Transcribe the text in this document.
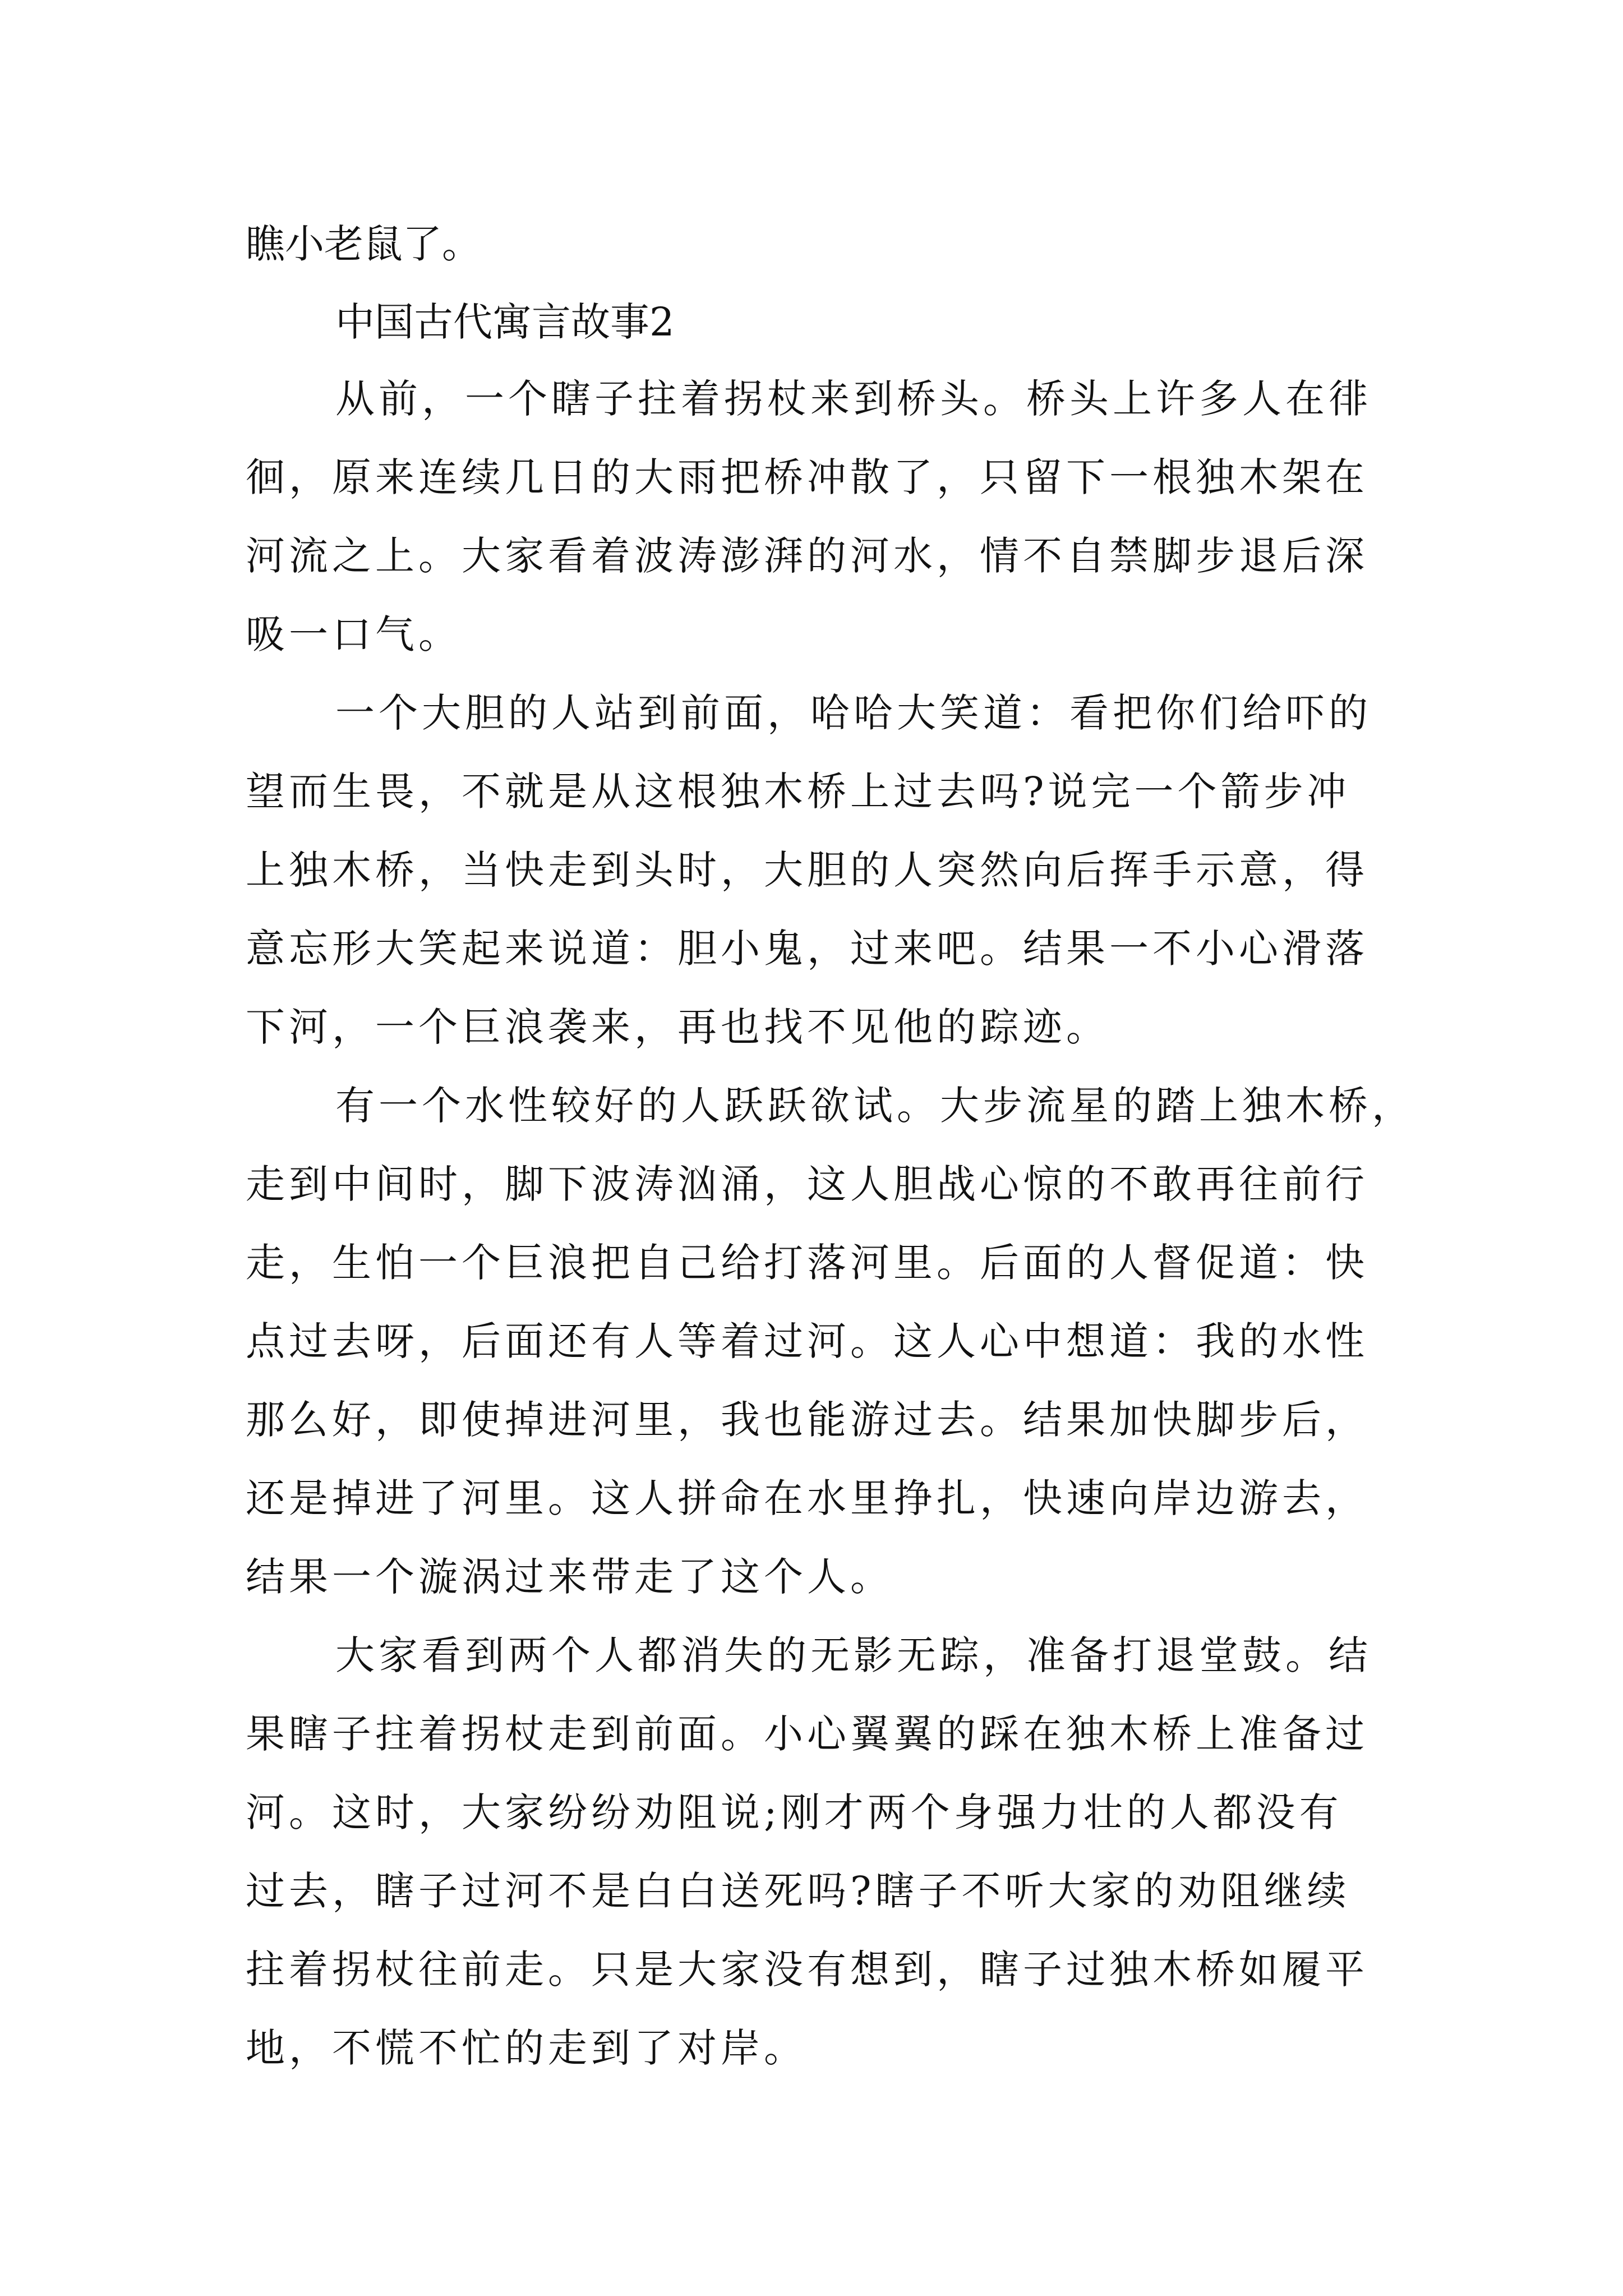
瞧小老鼠了。
中国古代寓言故事2
从前，一个瞎子拄着拐杖来到桥头。桥头上许多人在徘
徊，原来连续几日的大雨把桥冲散了，只留下一根独木架在
河流之上。大家看着波涛澎湃的河水，情不自禁脚步退后深
吸一口气。
一个大胆的人站到前面，哈哈大笑道：看把你们给吓的
望而生畏，不就是从这根独木桥上过去吗?说完一个箭步冲
上独木桥，当快走到头时，大胆的人突然向后挥手示意，得
意忘形大笑起来说道：胆小鬼，过来吧。结果一不小心滑落
下河，一个巨浪袭来，再也找不见他的踪迹。
有一个水性较好的人跃跃欲试。大步流星的踏上独木桥，
走到中间时，脚下波涛汹涌，这人胆战心惊的不敢再往前行
走，生怕一个巨浪把自己给打落河里。后面的人督促道：快
点过去呀，后面还有人等着过河。这人心中想道：我的水性
那么好，即使掉进河里，我也能游过去。结果加快脚步后，
还是掉进了河里。这人拼命在水里挣扎，快速向岸边游去，
结果一个漩涡过来带走了这个人。
大家看到两个人都消失的无影无踪，准备打退堂鼓。结
果瞎子拄着拐杖走到前面。小心翼翼的踩在独木桥上准备过
河。这时，大家纷纷劝阻说;刚才两个身强力壮的人都没有
过去，瞎子过河不是白白送死吗?瞎子不听大家的劝阻继续
拄着拐杖往前走。只是大家没有想到，瞎子过独木桥如履平
地，不慌不忙的走到了对岸。
